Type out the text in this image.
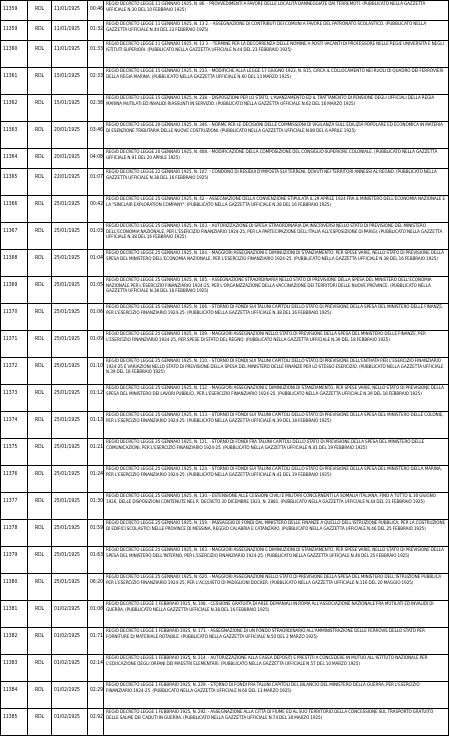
11359	RDL	11/01/1925	00:46	REGIO DECRETO LEGGE 11 GENNAIO 1925, N. 86. - PROVVEDIMENTI A FAVORE DELLE LOCALITÀ DANNEGGIATE DAI TERREMOTI. (PUBBLICATO NELLA GAZZETTA UFFICIALE N.30 DEL 10 FEBBRAIO 1925)
11359	RDL	11/01/1925	01:32	REGIO DECRETO LEGGE 11 GENNAIO 1925, N. 13 2. - ASSEGNAZIONE DI CONTRIBUTI DEI COMUNI A FAVORE DEL PATRONATO SCOLASTICO. (PUBBLICATO NELLA GAZZETTA UFFICIALE N.44 DEL 23 FEBBRAIO 1925)
11360	RDL	11/01/1925	01:33	REGIO DECRETO LEGGE 11 GENNAIO 1925, N. 13 3. - TERMINE PER LA DECORRENZA DELLE NOMINE A POSTI VACANTI DI PROFESSORE NELLE REGIE UNIVERSITÀ E NEGLI ISTITUTI SUPERIORI. (PUBBLICATO NELLA GAZZETTA UFFICIALE N.44 DEL 23 FEBBRAIO 1925)
11361	RDL	15/01/1925	02:33	REGIO DECRETO LEGGE 15 GENNAIO 1925, N. 233. - MODIFICHE ALLA LEGGE 17 GIUGNO 1923, N. 815, CIRCA IL COLLOCAMENTO NEI RUOLI DI QUADRO DEI FERROVIERI DELLA REGIA MARINA. (PUBBLICATO NELLA GAZZETTA UFFICIALE N.60 DEL 13 MARZO 1925)
11362	RDL	15/01/1925	02:38	REGIO DECRETO LEGGE 15 GENNAIO 1925, N. 238. - DISPOSIZIONI PER LO STATO, L'AVANZAMENTO ED IL TRATTAMENTO DI PENSIONE DEGLI UFFICIALI DELLA REGIA MARINA MUTILATI ED INVALIDI RIASSUNTI IN SERVIZIO. (PUBBLICATO NELLA GAZZETTA UFFICIALE N.62 DEL 16 MARZO 1925)
11363	RDL	20/01/1925	03:46	REGIO DECRETO LEGGE 20 GENNAIO 1925, N. 346. - NORME PER LE DECISIONI DELLE COMMISSIONI DI VIGILANZA SULL'EDILIZIA POPOLARE ED ECONOMICA IN MATERIA DI ESENZIONE TRIBUTARIA DELLE NUOVE COSTRUZIONI. (PUBBLICATO NELLA GAZZETTA UFFICIALE N.80 DEL 6 APRILE 1925)
11364	RDL	20/01/1925	04:08	REGIO DECRETO LEGGE 20 GENNAIO 1925, N. 408. - MODIFICAZIONE DELLA COMPOSIZIONE DEL CONSIGLIO SUPERIORE COLONIALE. (PUBBLICATO NELLA GAZZETTA UFFICIALE N.91 DEL 20 APRILE 1925)
11365	RDL	22/01/1925	01:07	REGIO DECRETO LEGGE 22 GENNAIO 1925, N. 107. - CONDONO DI RESIDUI D'IMPOSTA SUI TERRENI, DOVUTI NEI TERRITORI ANNESSI AL REGNO. (PUBBLICATO NELLA GAZZETTA UFFICIALE N.38 DEL 16 FEBBRAIO 1925)
11366	RDL	25/01/1925	00:42	REGIO DECRETO LEGGE 25 GENNAIO 1925, N. 42. - ASSEGNAZIONE DELLA CONVENZIONE STIPULATA IL 29 APRILE 1924 FRA IL MINISTERO DELL'ECONOMIA NAZIONALE E LA "SINCLAIR EXPLORATION COMPANY". (PUBBLICATO NELLA GAZZETTA UFFICIALE N.38 DEL 16 FEBBRAIO 1925)
11367	RDL	25/01/1925	01:03	REGIO DECRETO LEGGE 25 GENNAIO 1925, N. 103. - AUTORIZZAZIONE DI SPESA STRAORDINARIA DA INSCRIVERSI NELLO STATO DI PREVISIONE DEL MINISTERO DELL'ECONOMIA NAZIONALE, PER L'ESERCIZIO FINANZIARIO 1924-25, PER LA PARTECIPAZIONE DELL'ITALIA ALL'ESPOSIZIONE DI PARIGI. (PUBBLICATO NELLA GAZZETTA UFFICIALE N.38 DEL 16 FEBBRAIO 1925)
11368	RDL	25/01/1925	01:04	REGIO DECRETO LEGGE 25 GENNAIO 1925, N. 104. - MAGGIORI ASSEGNAZIONI E DIMINUZIONI DI STANZIAMENTO, PER SPESE VARIE, NELLO STATO DI PREVISIONE DELLA SPESA DEL MINISTERO DELL'ECONOMIA NAZIONALE, PER L'ESERCIZIO FINANZIARIO 1924-25. (PUBBLICATO NELLA GAZZETTA UFFICIALE N.38 DEL 16 FEBBRAIO 1925)
11369	RDL	25/01/1925	01:05	REGIO DECRETO LEGGE 25 GENNAIO 1925, N. 105. - ASSEGNAZIONE STRAORDINARIA NELLO STATO DI PREVISIONE DELLA SPESA DEL MINISTERO DELL'ECONOMIA NAZIONALE PER L'ESERCIZIO FINANZIARIO 1924-25, PER L'ORGANIZZAZIONE DELLA VACCINAZIONE DEI TERRITORI DELLE NUOVE PROVINCE. (PUBBLICATO NELLA GAZZETTA UFFICIALE N.38 DEL 16 FEBBRAIO 1925)
11370	RDL	25/01/1925	01:06	REGIO DECRETO LEGGE 25 GENNAIO 1925, N. 106. - STORNO DI FONDI SUI TALUNI CAPITOLI DELLO STATO DI PREVISIONE DELLA SPESA DEL MINISTERO DELLE FINANZE, PER L'ESERCIZIO FINANZIARIO 1924-25. (PUBBLICATO NELLA GAZZETTA UFFICIALE N.38 DEL 16 FEBBRAIO 1925)
11371	RDL	25/01/1925	01:09	REGIO DECRETO LEGGE 25 GENNAIO 1925, N. 109. - MAGGIORI ASSEGNAZIONI NELLO STATO DI PREVISIONE DELLA SPESA DEL MINISTERO DELLE FINANZE, PER L'ESERCIZIO FINANZIARIO 1924-25, PER SPESE DI STATO DEL REGNO. (PUBBLICATO NELLA GAZZETTA UFFICIALE N.39 DEL 18 FEBBRAIO 1925)
11372	RDL	25/01/1925	01:10	REGIO DECRETO LEGGE 25 GENNAIO 1925, N. 110. - STORNO DI FONDI SUI TALUNI CAPITOLI DELLO STATO DI PREVISIONE DELL'ENTRATA PER L'ESERCIZIO FINANZIARIO 1924-25 E VARIAZIONI NELLO STATO DI PREVISIONE DELLA SPESA DEL MINISTERO DELLE FINANZE PER LO STESSO ESERCIZIO. (PUBBLICATO NELLA GAZZETTA UFFICIALE N.39 DEL 18 FEBBRAIO 1925)
11373	RDL	25/01/1925	01:12	REGIO DECRETO LEGGE 25 GENNAIO 1925, N. 112. - MAGGIORI ASSEGNAZIONI E DIMINUZIONI DI STANZIAMENTO, PER SPESE VARIE, NELLO STATO DI PREVISIONE DELLA SPESA DEL MINISTERO DEI LAVORI PUBBLICI, PER L'ESERCIZIO FINANZIARIO 1924-25. (PUBBLICATO NELLA GAZZETTA UFFICIALE N.39 DEL 18 FEBBRAIO 1925)
11374	RDL	25/01/1925	01:13	REGIO DECRETO LEGGE 25 GENNAIO 1925, N. 113. - STORNO DI FONDI SUI TALUNI CAPITOLI DELLO STATO DI PREVISIONE DELLA SPESA DEL MINISTERO DELLE COLONIE, PER L'ESERCIZIO FINANZIARIO 1924-25. (PUBBLICATO NELLA GAZZETTA UFFICIALE N.39 DEL 18 FEBBRAIO 1925)
11375	RDL	25/01/1925	01:21	REGIO DECRETO LEGGE 25 GENNAIO 1925, N. 121. - STORNO DI FONDI FRA TALUNI CAPITOLI DELLO STATO DI PREVISIONE DELLA SPESA DEL MINISTERO DELLE COMUNICAZIONI, PER L'ESERCIZIO FINANZIARIO 1924-25. (PUBBLICATO NELLA GAZZETTA UFFICIALE N.41 DEL 19 FEBBRAIO 1925)
11376	RDL	25/01/1925	01:24	REGIO DECRETO LEGGE 25 GENNAIO 1925, N. 124. - STORNO DI FONDI SUI TALUNI CAPITOLI DELLO STATO DI PREVISIONE DELLA SPESA DEL MINISTERO DELLA MARINA, PER L'ESERCIZIO FINANZIARIO 1924-25. (PUBBLICATO NELLA GAZZETTA UFFICIALE N.41 DEL 19 FEBBRAIO 1925)
11377	RDL	25/01/1925	01:30	REGIO DECRETO LEGGE 25 GENNAIO 1925, N. 130. - ESTENSIONE ALLE CESSIONI CIVILI E MILITARI CONCERNENTI LA SOMALIA ITALIANA, FINO A TUTTO IL 30 GIUGNO 1926, DELLE DISPOSIZIONI CONTENUTE NEL R. DECRETO 30 DICEMBRE 1923, N. 2881. (PUBBLICATO NELLA GAZZETTA UFFICIALE N.44 DEL 23 FEBBRAIO 1925)
11378	RDL	25/01/1925	01:59	REGIO DECRETO LEGGE 25 GENNAIO 1925, N. 159. - PASSAGGIO DI FONDI DAL MINISTERO DELLE FINANZE A QUELLO DELL'ISTRUZIONE PUBBLICA, PER LA COSTRUZIONE DI EDIFICI SCOLASTICI NELLE PROVINCE DI MESSINA, REGGIO CALABRIA E CATANZARO. (PUBBLICATO NELLA GAZZETTA UFFICIALE N.46 DEL 25 FEBBRAIO 1925)
11379	RDL	25/01/1925	01:63	REGIO DECRETO LEGGE 25 GENNAIO 1925, N. 163. - MAGGIORI ASSEGNAZIONI E DIMINUZIONI DI STANZIAMENTO, PER SPESE VARIE, NELLO STATO DI PREVISIONE DELLA SPESA DEL MINISTERO DELL'INTERNO, PER L'ESERCIZIO FINANZIARIO 1924-25. (PUBBLICATO NELLA GAZZETTA UFFICIALE N.46 DEL 25 FEBBRAIO 1925)
11380	RDL	25/01/1925	06:20	REGIO DECRETO LEGGE 25 GENNAIO 1925, N. 620. - MAGGIORI ASSEGNAZIONI NELLO STATO DI PREVISIONE DELLA SPESA DEL MINISTERO DELL'ISTRUZIONE PUBBLICA PER L'ESERCIZIO FINANZIARIO 1924-25, PER L'ACQUISTO DI PADIGLIONI DOCKER. (PUBBLICATO NELLA GAZZETTA UFFICIALE N.116 DEL 20 MAGGIO 1925)
11381	RDL	01/02/1925	01:08	REGIO DECRETO LEGGE 1 FEBBRAIO 1925, N. 108. - CESSIONE GRATUITA DI AREE DEMANIALI IN ROMA ALL'ASSOCIAZIONE NAZIONALE FRA MUTILATI ED INVALIDI DI GUERRA. (PUBBLICATO NELLA GAZZETTA UFFICIALE N.38 DEL 16 FEBBRAIO 1925)
11382	RDL	01/02/1925	01:71	REGIO DECRETO LEGGE 1 FEBBRAIO 1925, N. 171. - ASSEGNAZIONE DI UN FONDO STRAORDINARIO ALL'AMMINISTRAZIONE DELLE FERROVIE DELLO STATO PER FORNITURE DI MATERIALE ROTABILE. (PUBBLICATO NELLA GAZZETTA UFFICIALE N.50 DEL 2 MARZO 1925)
11383	RDL	01/02/1925	02:14	REGIO DECRETO LEGGE 1 FEBBRAIO 1925, N. 214. - AUTORIZZAZIONE ALLA CASSA DEPOSITI E PRESTITI A CONCEDERE IN MUTUO ALL'ISTITUTO NAZIONALE PER L'EDUCAZIONE DEGLI ORFANI DEI MAESTRI ELEMENTARI. (PUBBLICATO NELLA GAZZETTA UFFICIALE N.57 DEL 10 MARZO 1925)
11384	RDL	01/02/1925	02:29	REGIO DECRETO LEGGE 1 FEBBRAIO 1925, N. 229. - STORNO DI FONDI FRA TALUNI CAPITOLI DEL BILANCIO DEL MINISTERO DELLA GUERRA, PER L'ESERCIZIO FINANZIARIO 1924-25. (PUBBLICATO NELLA GAZZETTA UFFICIALE N.60 DEL 13 MARZO 1925)
11385	RDL	01/02/1925	02:92	REGIO DECRETO LEGGE 1 FEBBRAIO 1925, N. 292. - ASSEGNAZIONE ALLA CITTÀ DI FIUME ED AL SUO TERRITORIO DELLA CONCESSIONE SUL TRASPORTO GRATUITO DELLE SALME DEI CADUTI IN GUERRA. (PUBBLICATO NELLA GAZZETTA UFFICIALE N.74 DEL 30 MARZO 1925)
